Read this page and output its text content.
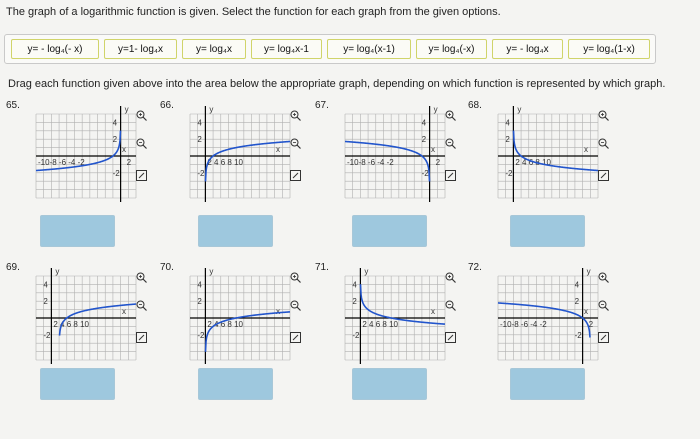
The graph of a logarithmic function is given. Select the function for each graph from the given options.
y= - log₄(- x)	y=1- log₄x	y= log₄x	y= log₄x-1	y= log₄(x-1)	y= log₄(-x)	y= - log₄x	y= log₄(1-x)
Drag each function given above into the area below the appropriate graph, depending on which function is represented by which graph.
65.
x
y
-10-8 -6 -4 -2	2
4
2
-2
66.
x
y
2 4 6 8 10
4
2
-2
67.
x
y
-10-8 -6 -4 -2	2
4
2
-2
68.
x
y
2 4 6 8 10
4
2
-2
69.
x
y
2 4 6 8 10
4
2
-2
70.
x
y
2 4 6 8 10
4
2
-2
71.
x
y
2 4 6 8 10
4
2
-2
72.
x
y
-10-8 -6 -4 -2	2
4
2
-2
